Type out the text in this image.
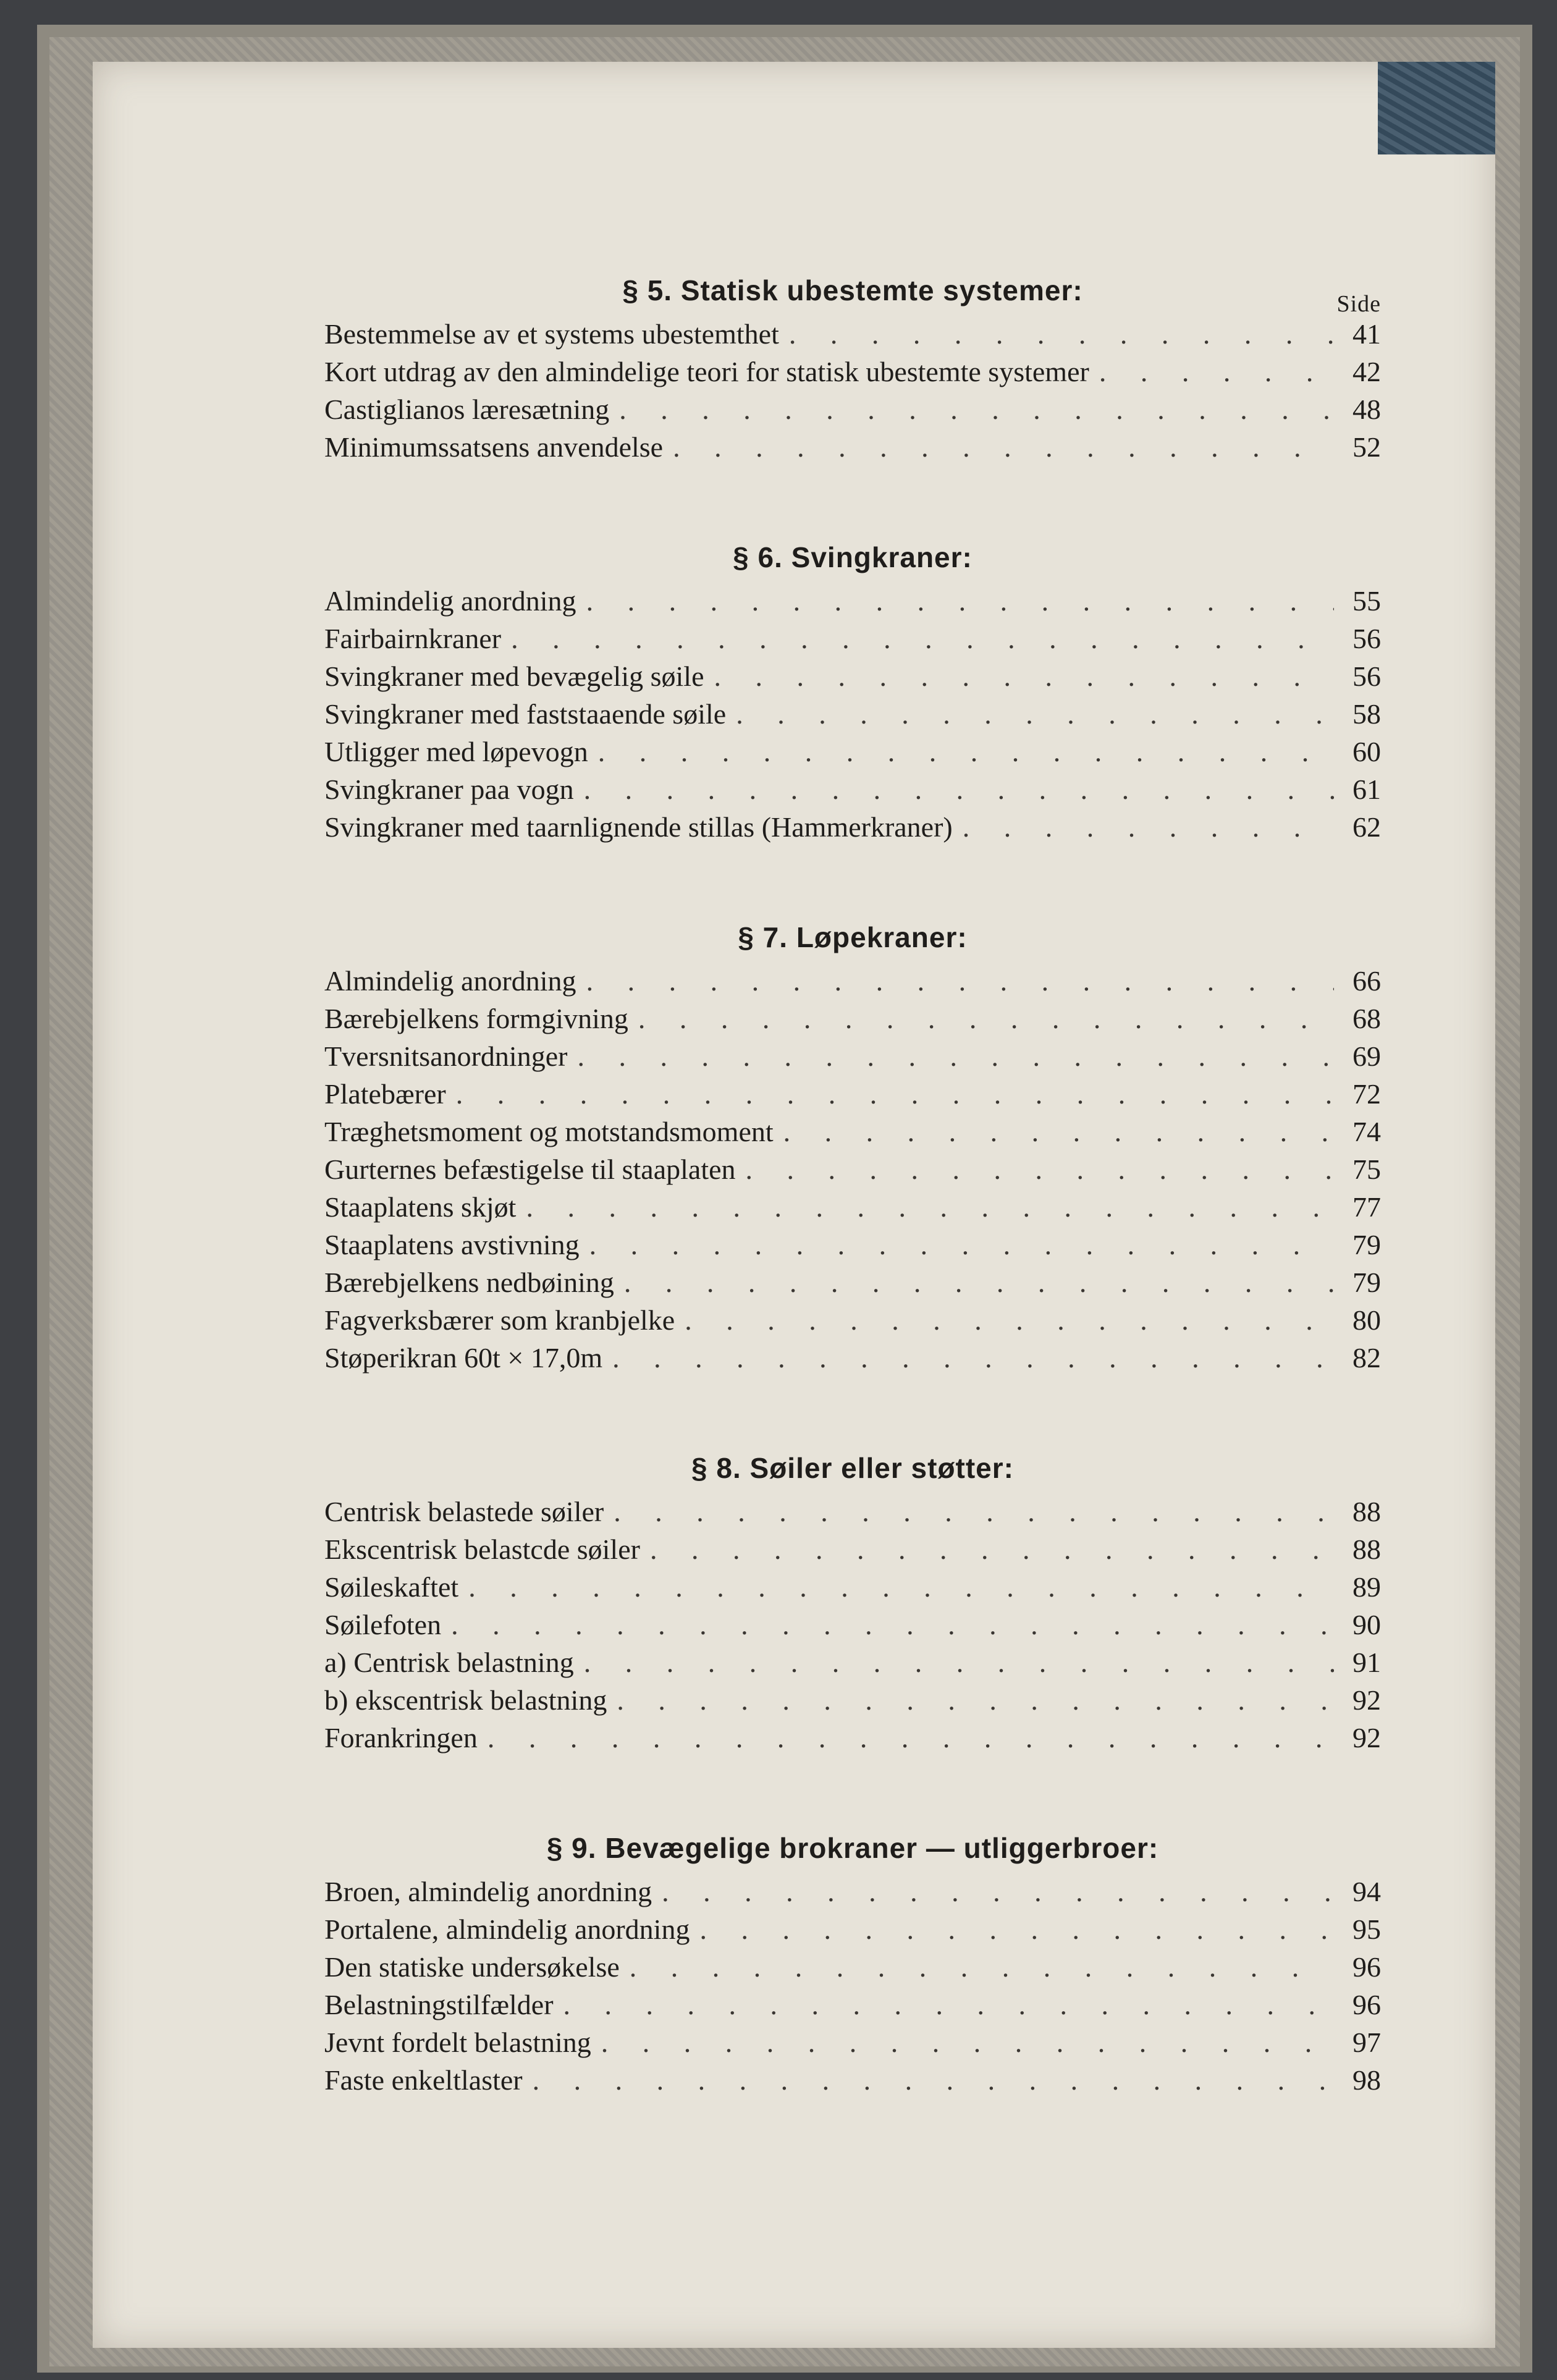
§ 5. Statisk ubestemte systemer:	Side
Bestemmelse av et systems ubestemthet . . .	41
Kort utdrag av den almindelige teori for statisk ubestemte systemer . . .	42
Castiglianos læresætning . . .	48
Minimumssatsens anvendelse . . .	52
§ 6. Svingkraner:
Almindelig anordning . . .	55
Fairbairnkraner . . .	56
Svingkraner med bevægelig søile . . .	56
Svingkraner med faststaaende søile . . .	58
Utligger med løpevogn . . .	60
Svingkraner paa vogn . . .	61
Svingkraner med taarnlignende stillas (Hammerkraner) . . .	62
§ 7. Løpekraner:
Almindelig anordning . . .	66
Bærebjelkens formgivning . . .	68
Tversnitsanordninger . . .	69
Platebærer . . .	72
Træghetsmoment og motstandsmoment . . .	74
Gurternes befæstigelse til staaplaten . . .	75
Staaplatens skjøt . . .	77
Staaplatens avstivning . . .	79
Bærebjelkens nedbøining . . .	79
Fagverksbærer som kranbjelke . . .	80
Støperikran 60t × 17,0m . . .	82
§ 8. Søiler eller støtter:
Centrisk belastede søiler . . .	88
Ekscentrisk belastcde søiler . . .	88
Søileskaftet . . .	89
Søilefoten . . .	90
a) Centrisk belastning . . .	91
b) ekscentrisk belastning . . .	92
Forankringen . . .	92
§ 9. Bevægelige brokraner — utliggerbroer:
Broen, almindelig anordning . . .	94
Portalene, almindelig anordning . . .	95
Den statiske undersøkelse . . .	96
Belastningstilfælder . . .	96
Jevnt fordelt belastning . . .	97
Faste enkeltlaster . . .	98
